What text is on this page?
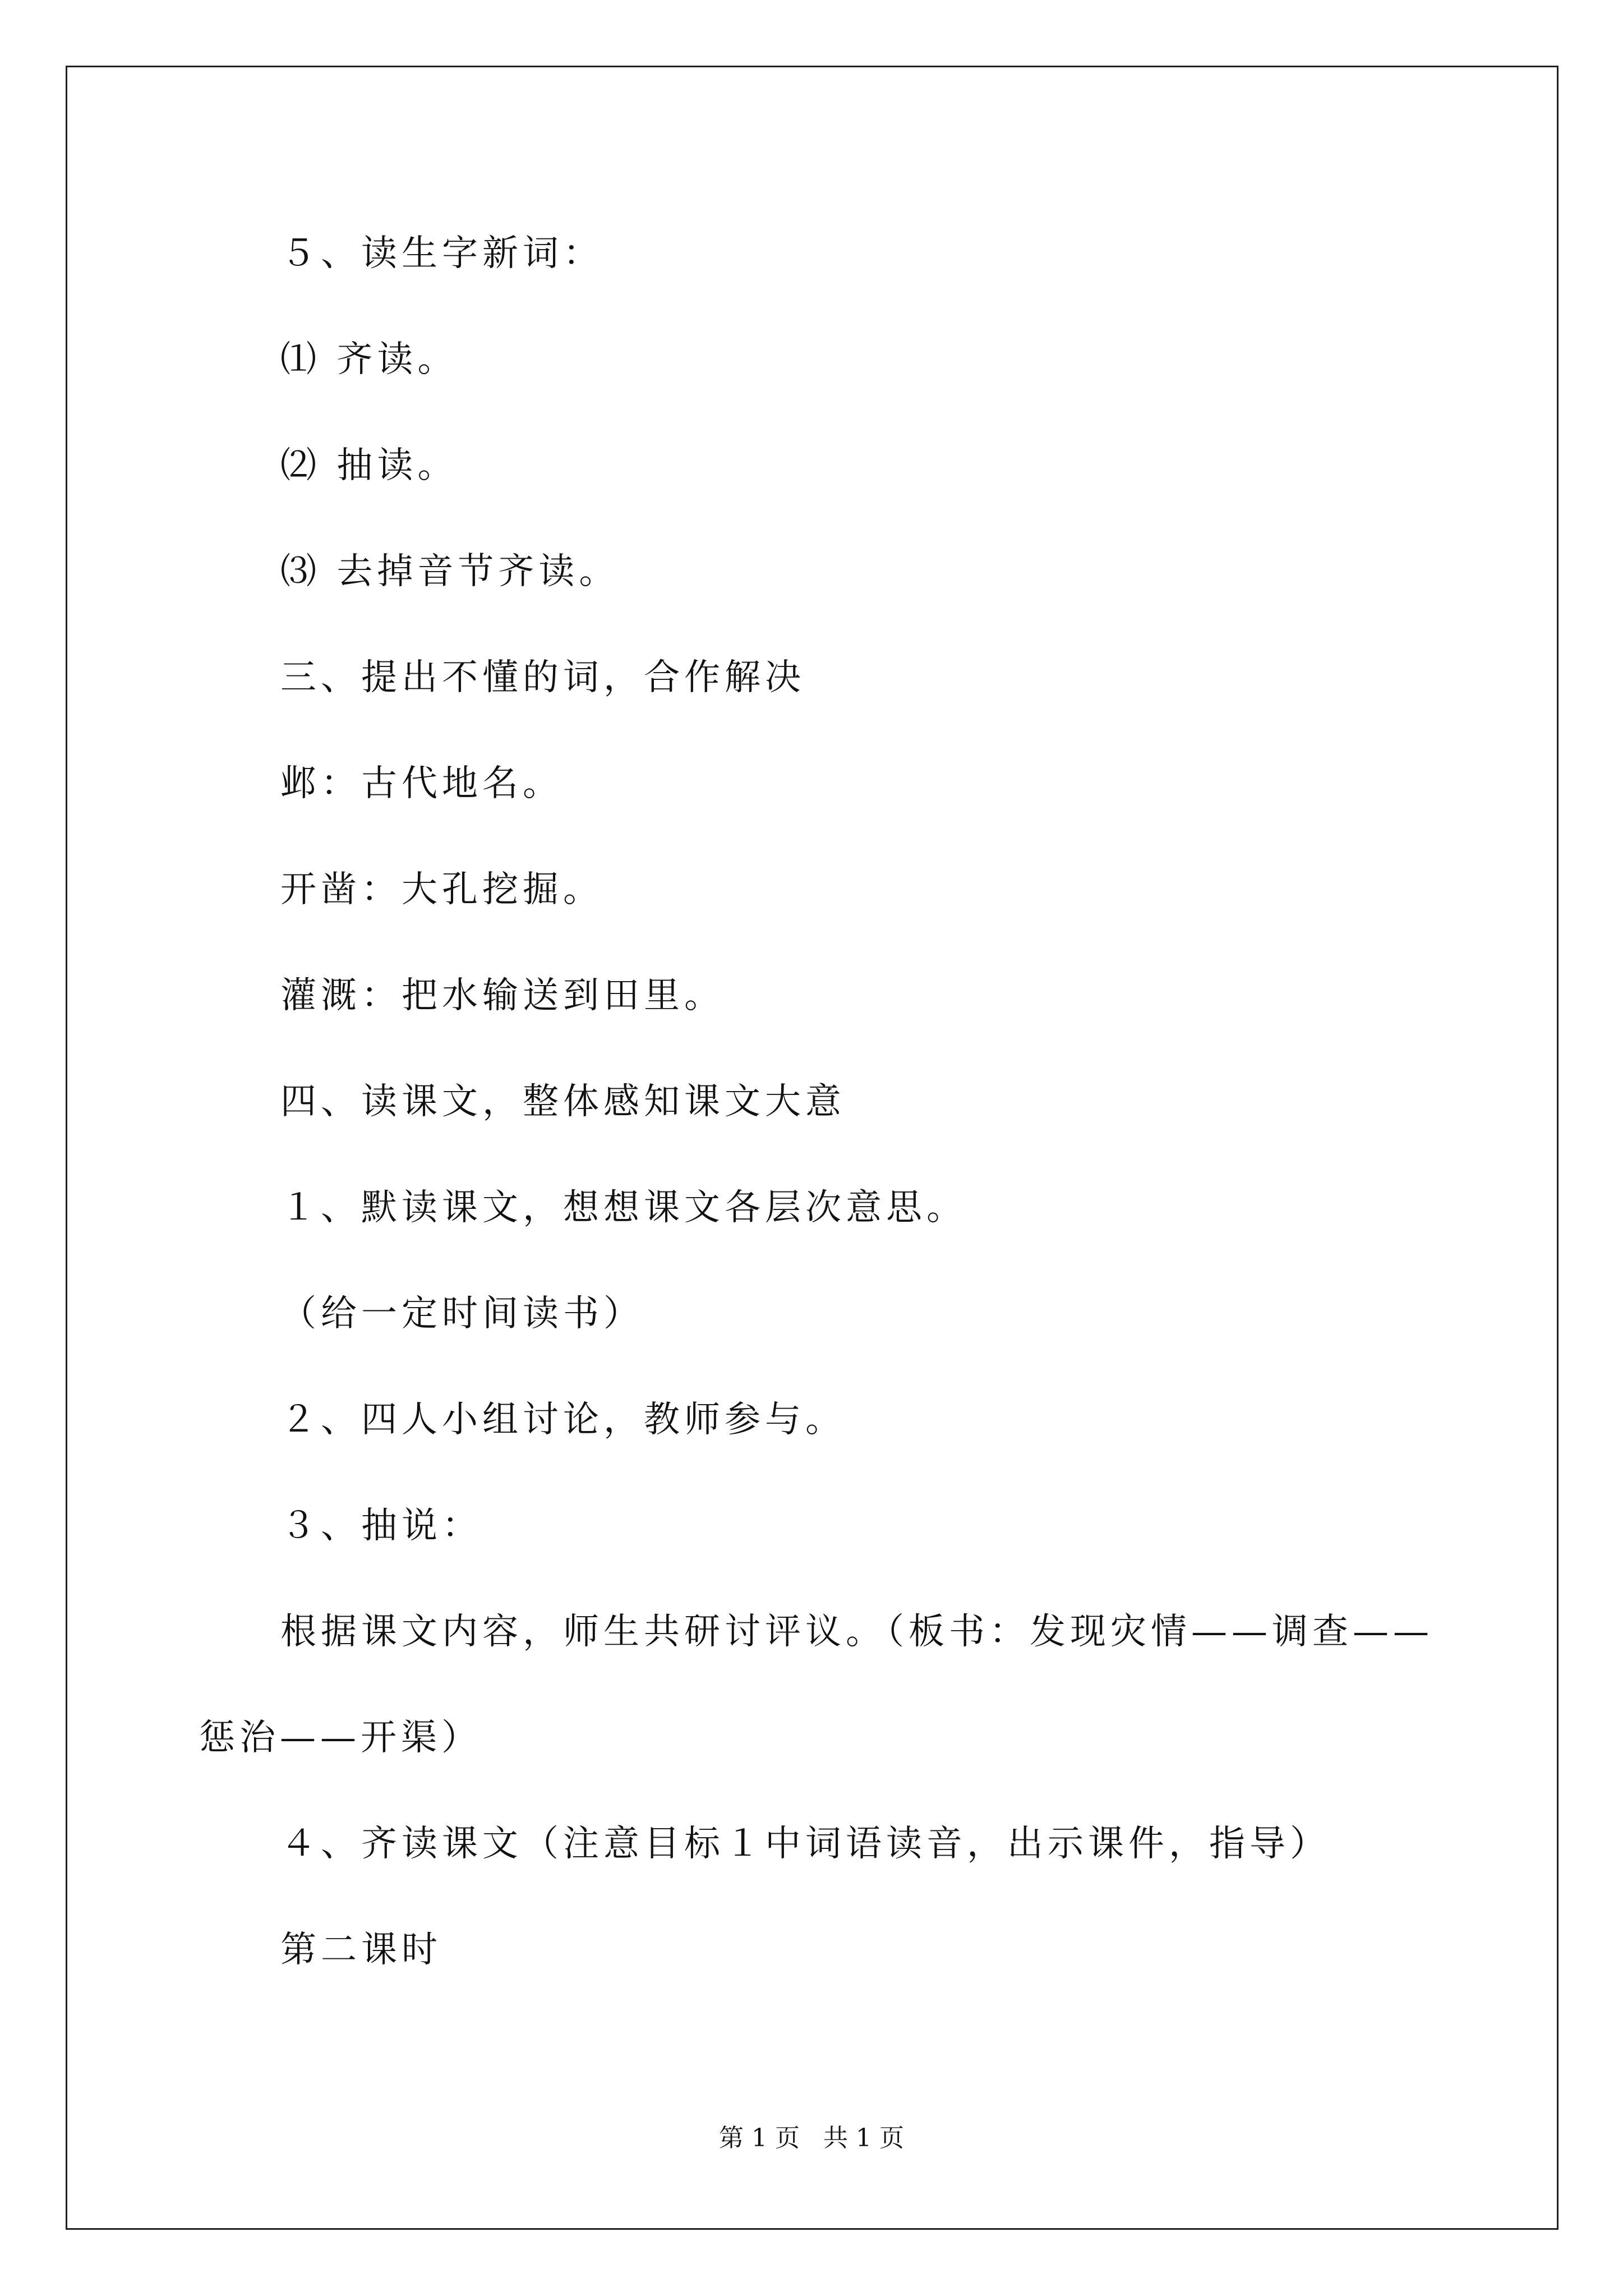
５、读生字新词：
⑴ 齐读。
⑵ 抽读。
⑶ 去掉音节齐读。
三、提出不懂的词，合作解决
邺：古代地名。
开凿：大孔挖掘。
灌溉：把水输送到田里。
四、读课文，整体感知课文大意
１、默读课文，想想课文各层次意思。
（给一定时间读书）
２、四人小组讨论，教师参与。
３、抽说：
根据课文内容，师生共研讨评议。（板书：发现灾情——调查——
惩治——开渠）
４、齐读课文（注意目标１中词语读音，出示课件，指导）
第二课时
第 1 页   共 1 页
